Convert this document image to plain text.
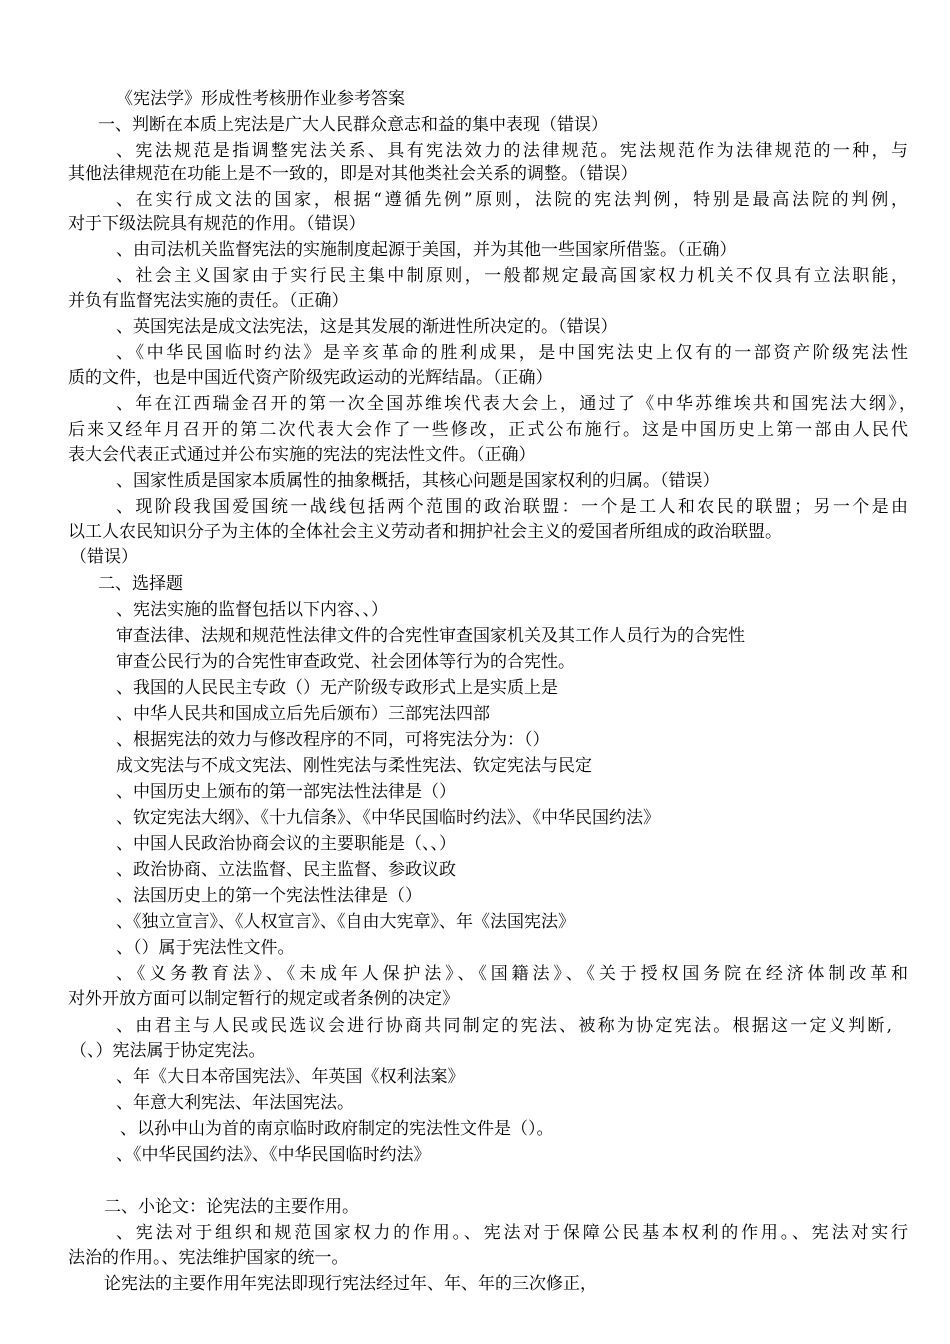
《宪法学》形成性考核册作业参考答案
一、判断在本质上宪法是广大人民群众意志和益的集中表现（错误）
、宪法规范是指调整宪法关系、具有宪法效力的法律规范。宪法规范作为法律规范的一种，与
其他法律规范在功能上是不一致的，即是对其他类社会关系的调整。（错误）
、在实行成文法的国家，根据“遵循先例”原则，法院的宪法判例，特别是最高法院的判例，
对于下级法院具有规范的作用。（错误）
、由司法机关监督宪法的实施制度起源于美国，并为其他一些国家所借鉴。（正确）
、社会主义国家由于实行民主集中制原则，一般都规定最高国家权力机关不仅具有立法职能，
并负有监督宪法实施的责任。（正确）
、英国宪法是成文法宪法，这是其发展的渐进性所决定的。（错误）
、《中华民国临时约法》是辛亥革命的胜利成果，是中国宪法史上仅有的一部资产阶级宪法性
质的文件，也是中国近代资产阶级宪政运动的光辉结晶。（正确）
、年在江西瑞金召开的第一次全国苏维埃代表大会上，通过了《中华苏维埃共和国宪法大纲》，
后来又经年月召开的第二次代表大会作了一些修改，正式公布施行。这是中国历史上第一部由人民代
表大会代表正式通过并公布实施的宪法的宪法性文件。（正确）
、国家性质是国家本质属性的抽象概括，其核心问题是国家权利的归属。（错误）
、现阶段我国爱国统一战线包括两个范围的政治联盟：一个是工人和农民的联盟；另一个是由
以工人农民知识分子为主体的全体社会主义劳动者和拥护社会主义的爱国者所组成的政治联盟。
（错误）
二、选择题
、宪法实施的监督包括以下内容、、）
审查法律、法规和规范性法律文件的合宪性审查国家机关及其工作人员行为的合宪性
审查公民行为的合宪性审查政党、社会团体等行为的合宪性。
、我国的人民民主专政（）无产阶级专政形式上是实质上是
、中华人民共和国成立后先后颁布）三部宪法四部
、根据宪法的效力与修改程序的不同，可将宪法分为：（）
成文宪法与不成文宪法、刚性宪法与柔性宪法、钦定宪法与民定
、中国历史上颁布的第一部宪法性法律是（）
、钦定宪法大纲》、《十九信条》、《中华民国临时约法》、《中华民国约法》
、中国人民政治协商会议的主要职能是（、、）
、政治协商、立法监督、民主监督、参政议政
、法国历史上的第一个宪法性法律是（）
、《独立宣言》、《人权宣言》、《自由大宪章》、年《法国宪法》
、（）属于宪法性文件。
、《义务教育法》、《未成年人保护法》、《国籍法》、《关于授权国务院在经济体制改革和
对外开放方面可以制定暂行的规定或者条例的决定》
、由君主与人民或民选议会进行协商共同制定的宪法、被称为协定宪法。根据这一定义判断,
（、）宪法属于协定宪法。
、年《大日本帝国宪法》、年英国《权利法案》
、年意大利宪法、年法国宪法。
、以孙中山为首的南京临时政府制定的宪法性文件是（）。
、《中华民国约法》、《中华民国临时约法》
二、小论文：论宪法的主要作用。
、宪法对于组织和规范国家权力的作用。、宪法对于保障公民基本权利的作用。、宪法对实行
法治的作用。、宪法维护国家的统一。
论宪法的主要作用年宪法即现行宪法经过年、年、年的三次修正，
